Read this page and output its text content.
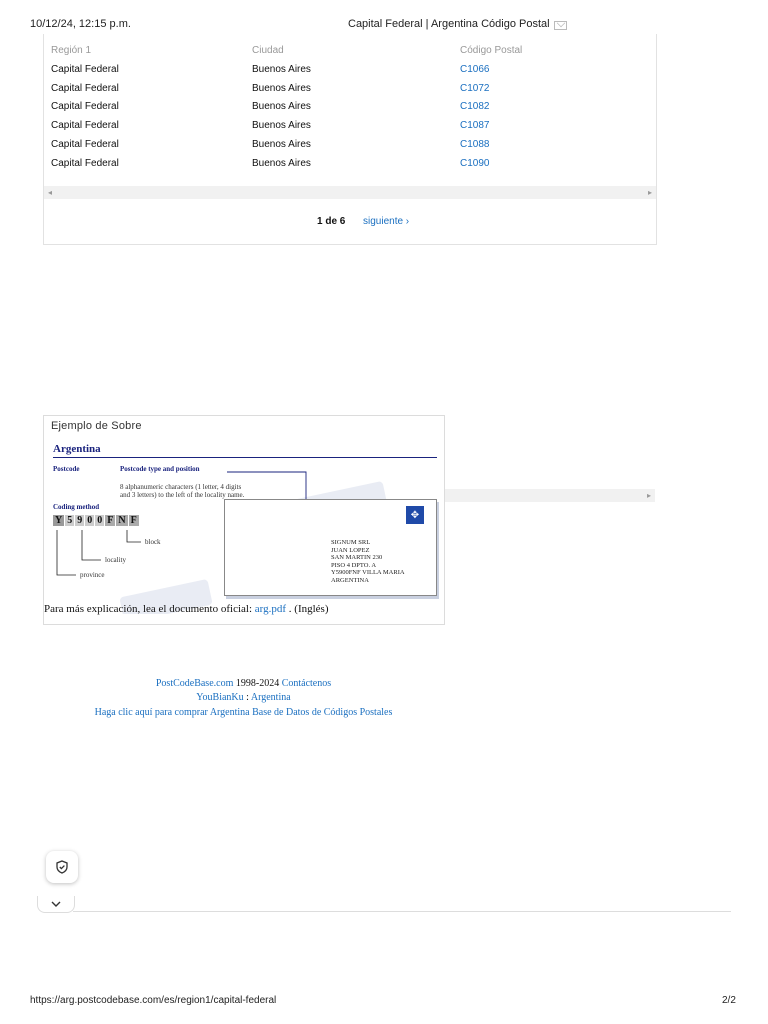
10/12/24, 12:15 p.m.	Capital Federal | Argentina Código Postal
Región 1	Ciudad	Código Postal
Capital Federal	Buenos Aires	C1066
Capital Federal	Buenos Aires	C1072
Capital Federal	Buenos Aires	C1082
Capital Federal	Buenos Aires	C1087
Capital Federal	Buenos Aires	C1088
Capital Federal	Buenos Aires	C1090
◂	▸
1 de 6 siguiente ›
▸
Ejemplo de Sobre
Argentina
Postcode	Postcode type and position
8 alphanumeric characters (1 letter, 4 digits
and 3 letters) to the left of the locality name.
Coding method
Y 5 9 0 0 F N F
block
locality
province
✥
SIGNUM SRL
JUAN LOPEZ
SAN MARTIN 230
PISO 4 DPTO. A
Y5900FNF VILLA MARIA
ARGENTINA
Para más explicación, lea el documento oficial: arg.pdf . (Inglés)
PostCodeBase.com 1998-2024 Contáctenos
YouBianKu : Argentina
Haga clic aquí para comprar Argentina Base de Datos de Códigos Postales
https://arg.postcodebase.com/es/region1/capital-federal	2/2
